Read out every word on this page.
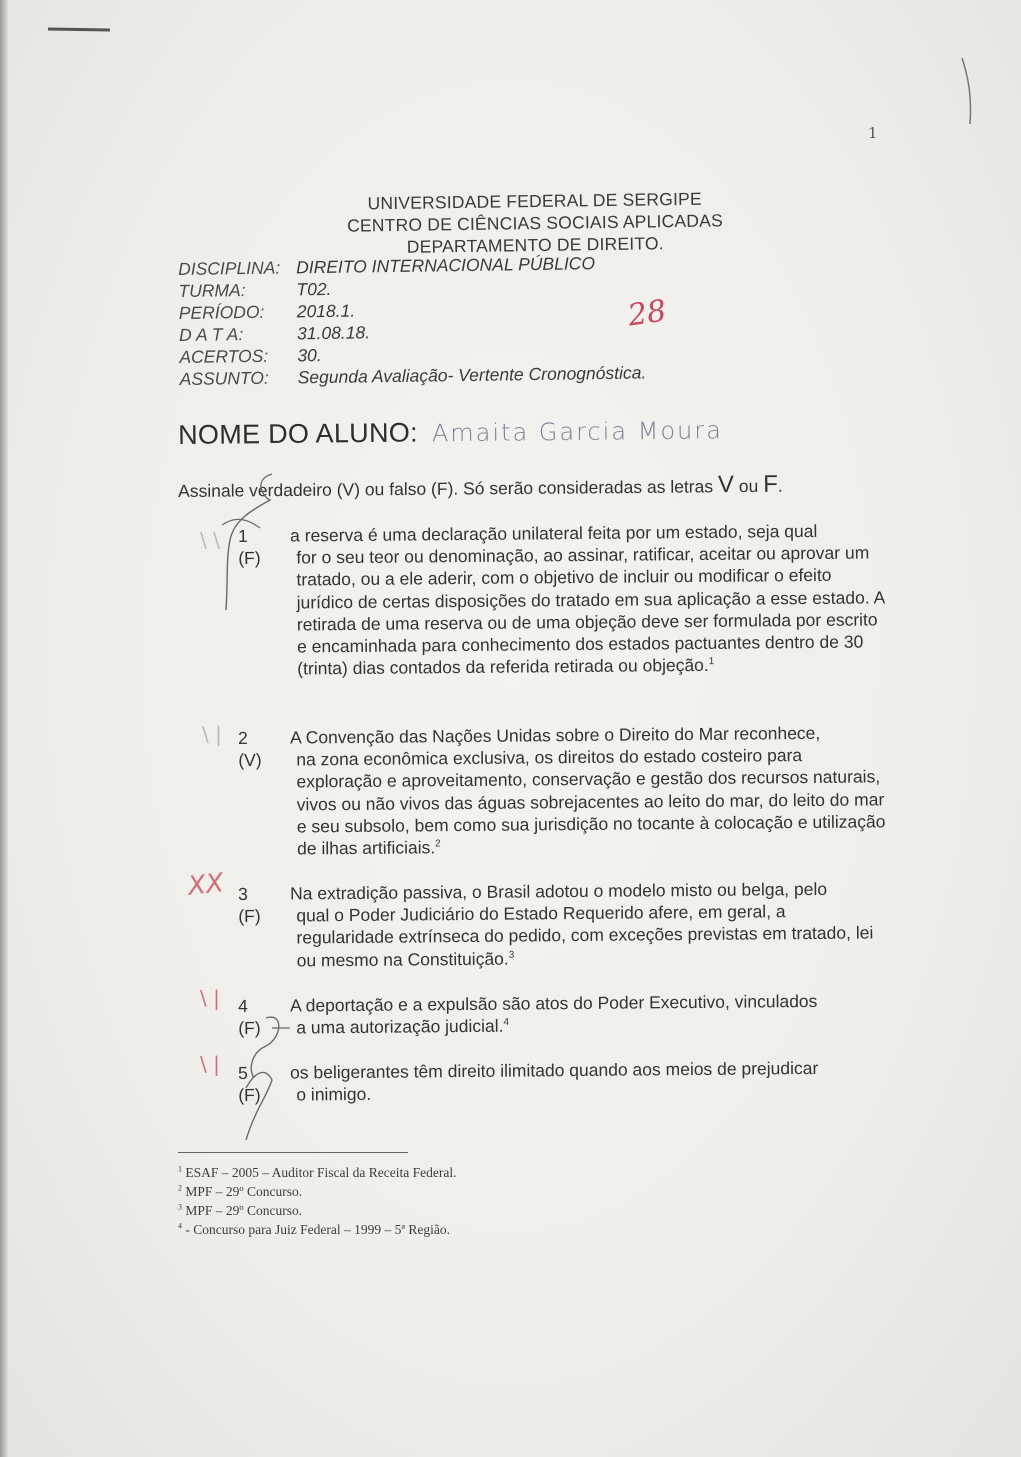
1
UNIVERSIDADE FEDERAL DE SERGIPE
CENTRO DE CIÊNCIAS SOCIAIS APLICADAS
DEPARTAMENTO DE DIREITO.
DISCIPLINA: DIREITO INTERNACIONAL PÚBLICO
TURMA:	T02.
PERÍODO:	2018.1.
D A T A:	31.08.18.
ACERTOS:	30.
ASSUNTO:	Segunda Avaliação- Vertente Cronognóstica.
28
NOME DO ALUNO: Amaita Garcia Moura
Assinale verdadeiro (V) ou falso (F). Só serão consideradas as letras V ou F.
1 (F)
a reserva é uma declaração unilateral feita por um estado, seja qual
for o seu teor ou denominação, ao assinar, ratificar, aceitar ou aprovar um tratado, ou a ele aderir, com o objetivo de incluir ou modificar o efeito jurídico de certas disposições do tratado em sua aplicação a esse estado. A retirada de uma reserva ou de uma objeção deve ser formulada por escrito e encaminhada para conhecimento dos estados pactuantes dentro de 30 (trinta) dias contados da referida retirada ou objeção.$^1$
2 (V)
A Convenção das Nações Unidas sobre o Direito do Mar reconhece,
na zona econômica exclusiva, os direitos do estado costeiro para exploração e aproveitamento, conservação e gestão dos recursos naturais, vivos ou não vivos das águas sobrejacentes ao leito do mar, do leito do mar e seu subsolo, bem como sua jurisdição no tocante à colocação e utilização de ilhas artificiais.$^2$
3 (F)
Na extradição passiva, o Brasil adotou o modelo misto ou belga, pelo
qual o Poder Judiciário do Estado Requerido afere, em geral, a regularidade extrínseca do pedido, com exceções previstas em tratado, lei ou mesmo na Constituição.$^3$
4 (F)
A deportação e a expulsão são atos do Poder Executivo, vinculados
a uma autorização judicial.$^4$
5 (F)
os beligerantes têm direito ilimitado quando aos meios de prejudicar
o inimigo.
\ \
\ |
XX
\ |
\ |
$^1$ ESAF – 2005 – Auditor Fiscal da Receita Federal.
$^2$ MPF – 29º Concurso.
$^3$ MPF – 29º Concurso.
$^4$ - Concurso para Juiz Federal – 1999 – 5ª Região.
